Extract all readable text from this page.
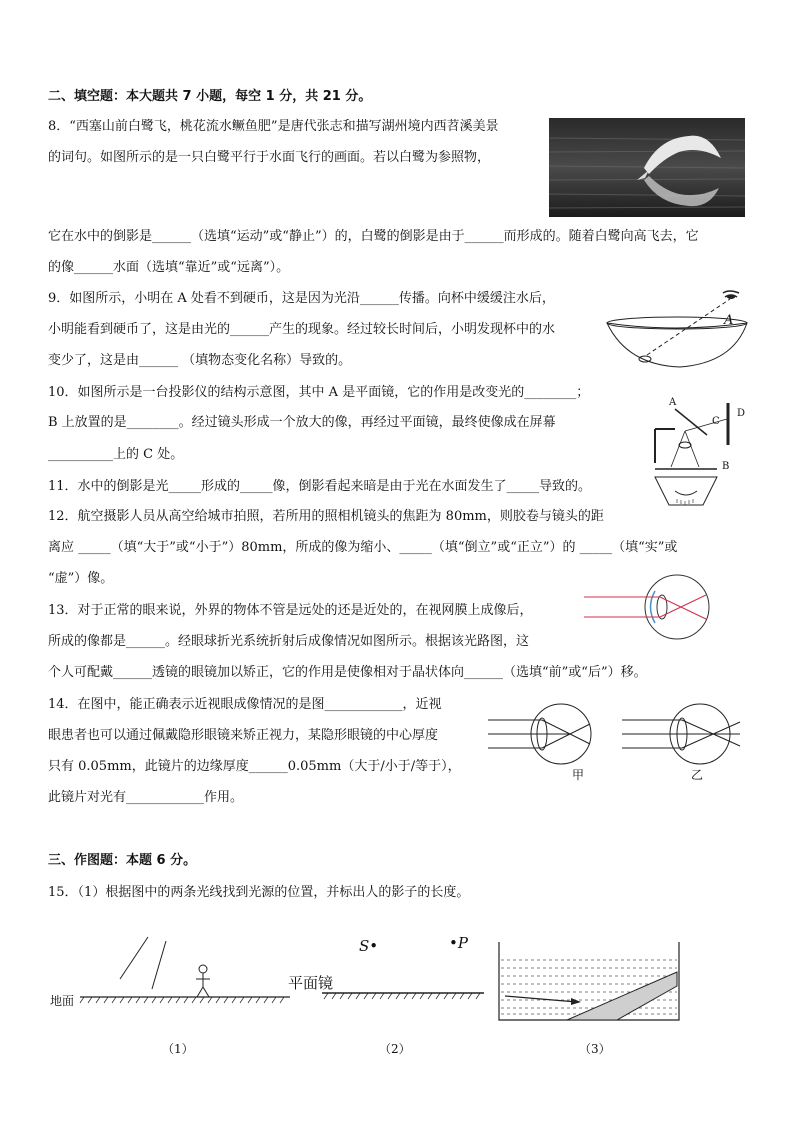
二、填空题：本大题共 7 小题，每空 1 分，共 21 分。
8．“西塞山前白鹭飞，桃花流水鳜鱼肥”是唐代张志和描写湖州境内西苕溪美景
的词句。如图所示的是一只白鹭平行于水面飞行的画面。若以白鹭为参照物，
它在水中的倒影是______（选填“运动”或“静止”）的，白鹭的倒影是由于______而形成的。随着白鹭向高飞去，它
的像______水面（选填“靠近”或“远离”）。
9．如图所示，小明在 A 处看不到硬币，这是因为光沿______传播。向杯中缓缓注水后，
小明能看到硬币了，这是由光的______产生的现象。经过较长时间后，小明发现杯中的水
变少了，这是由______ （填物态变化名称）导致的。
A
10．如图所示是一台投影仪的结构示意图，其中 A 是平面镜，它的作用是改变光的________；
B 上放置的是________。经过镜头形成一个放大的像，再经过平面镜，最终使像成在屏幕
__________上的 C 处。
A
D
C
B
11．水中的倒影是光_____形成的_____像，倒影看起来暗是由于光在水面发生了_____导致的。
12．航空摄影人员从高空给城市拍照，若所用的照相机镜头的焦距为 80mm，则胶卷与镜头的距
离应 _____（填“大于”或“小于”）80mm，所成的像为缩小、_____（填“倒立”或“正立”）的 _____（填“实”或
“虚”）像。
13．对于正常的眼来说，外界的物体不管是远处的还是近处的，在视网膜上成像后，
所成的像都是______。经眼球折光系统折射后成像情况如图所示。根据该光路图，这
个人可配戴______透镜的眼镜加以矫正，它的作用是使像相对于晶状体向______（选填“前”或“后”）移。
14．在图中，能正确表示近视眼成像情况的是图____________，近视
眼患者也可以通过佩戴隐形眼镜来矫正视力，某隐形眼镜的中心厚度
只有 0.05mm，此镜片的边缘厚度______0.05mm（大于/小于/等于），
此镜片对光有____________作用。
甲	乙
三、作图题：本题 6 分。
15．（1）根据图中的两条光线找到光源的位置，并标出人的影子的长度。
地面
平面镜
S•	•P
（1）	（2）	（3）
